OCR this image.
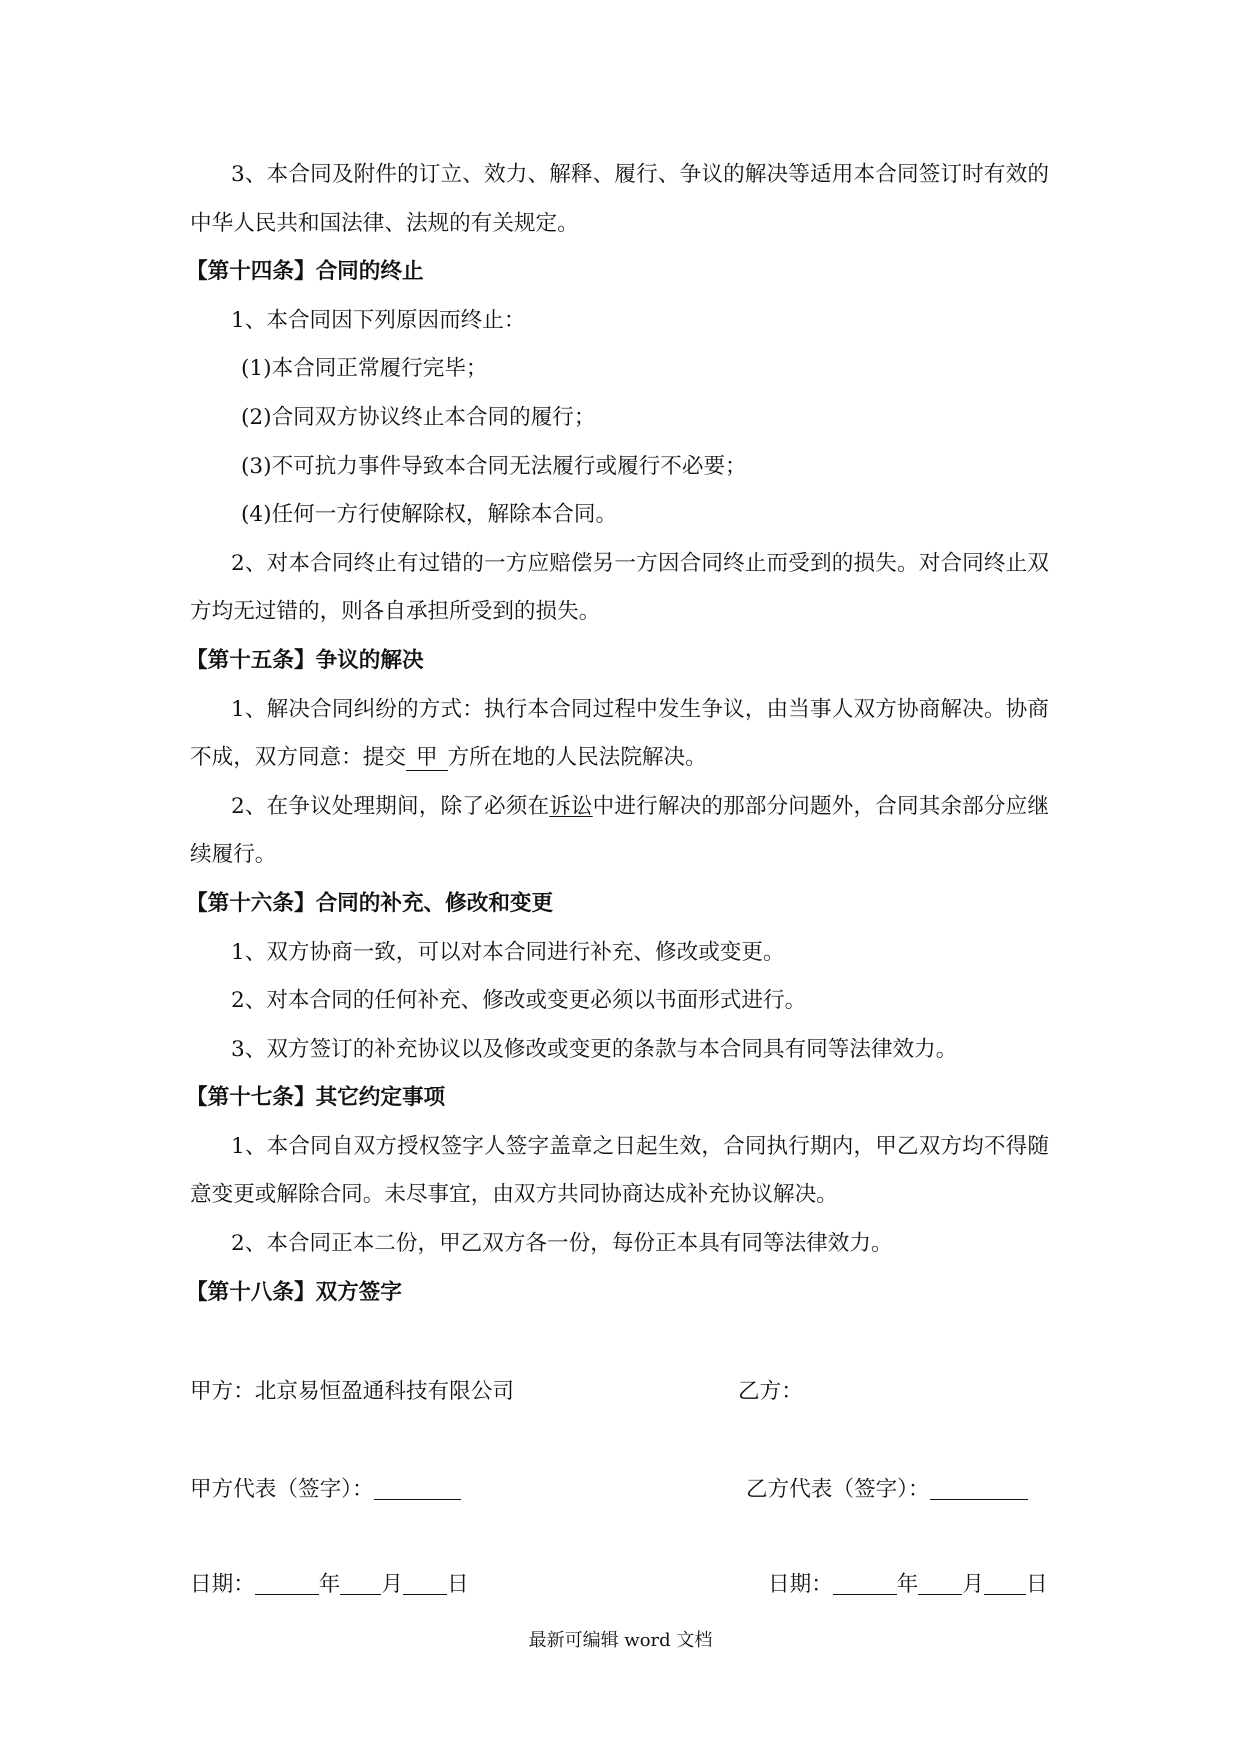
3、本合同及附件的订立、效力、解释、履行、争议的解决等适用本合同签订时有效的
中华人民共和国法律、法规的有关规定。
【第十四条】合同的终止
1、本合同因下列原因而终止：
(1)本合同正常履行完毕；
(2)合同双方协议终止本合同的履行；
(3)不可抗力事件导致本合同无法履行或履行不必要；
(4)任何一方行使解除权，解除本合同。
2、对本合同终止有过错的一方应赔偿另一方因合同终止而受到的损失。对合同终止双
方均无过错的，则各自承担所受到的损失。
【第十五条】争议的解决
1、解决合同纠纷的方式：执行本合同过程中发生争议，由当事人双方协商解决。协商
不成，双方同意：提交 甲 方所在地的人民法院解决。
2、在争议处理期间，除了必须在诉讼中进行解决的那部分问题外，合同其余部分应继
续履行。
【第十六条】合同的补充、修改和变更
1、双方协商一致，可以对本合同进行补充、修改或变更。
2、对本合同的任何补充、修改或变更必须以书面形式进行。
3、双方签订的补充协议以及修改或变更的条款与本合同具有同等法律效力。
【第十七条】其它约定事项
1、本合同自双方授权签字人签字盖章之日起生效，合同执行期内，甲乙双方均不得随
意变更或解除合同。未尽事宜，由双方共同协商达成补充协议解决。
2、本合同正本二份，甲乙双方各一份，每份正本具有同等法律效力。
【第十八条】双方签字
甲方：北京易恒盈通科技有限公司	乙方：
甲方代表（签字）：	乙方代表（签字）：
日期：	年 月 日	日期：	年 月 日
最新可编辑 word 文档
